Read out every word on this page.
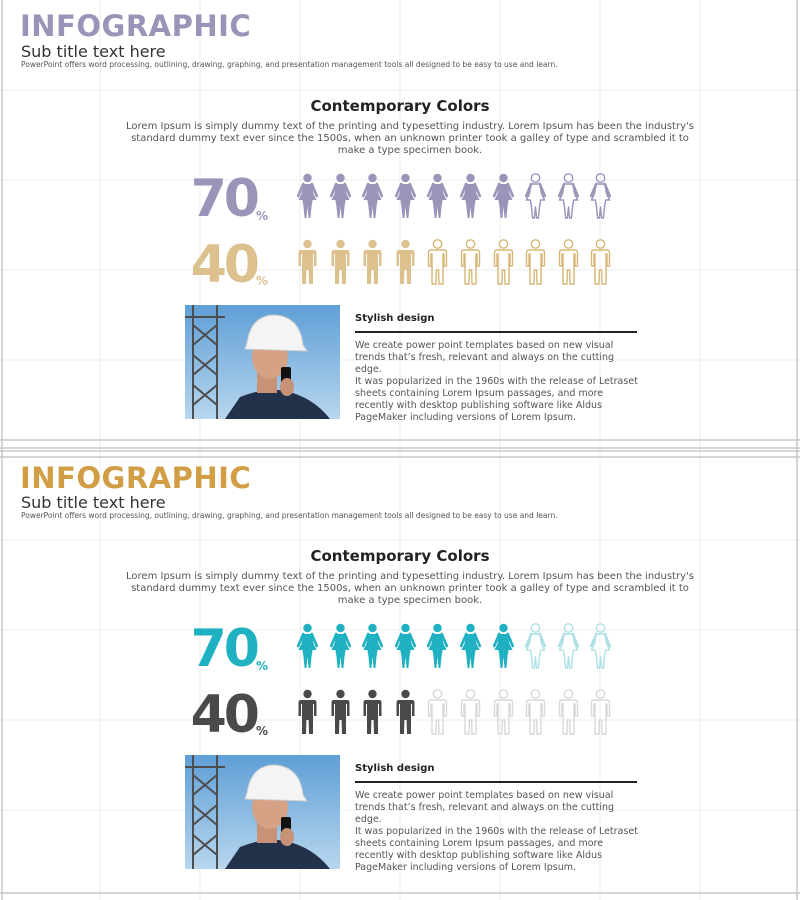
INFOGRAPHIC
Sub title text here
PowerPoint offers word processing, outlining, drawing, graphing, and presentation management tools all designed to be easy to use and learn.
Contemporary Colors
Lorem Ipsum is simply dummy text of the printing and typesetting industry. Lorem Ipsum has been the industry's standard dummy text ever since the 1500s, when an unknown printer took a galley of type and scrambled it to make a type specimen book.
70 %
40 %
Stylish design
We create power point templates based on new visual trends that’s fresh, relevant and always on the cutting edge.
It was popularized in the 1960s with the release of Letraset sheets containing Lorem Ipsum passages, and more recently with desktop publishing software like Aldus PageMaker including versions of Lorem Ipsum.
INFOGRAPHIC
Sub title text here
PowerPoint offers word processing, outlining, drawing, graphing, and presentation management tools all designed to be easy to use and learn.
Contemporary Colors
Lorem Ipsum is simply dummy text of the printing and typesetting industry. Lorem Ipsum has been the industry's standard dummy text ever since the 1500s, when an unknown printer took a galley of type and scrambled it to make a type specimen book.
70 %
40 %
Stylish design
We create power point templates based on new visual trends that’s fresh, relevant and always on the cutting edge.
It was popularized in the 1960s with the release of Letraset sheets containing Lorem Ipsum passages, and more recently with desktop publishing software like Aldus PageMaker including versions of Lorem Ipsum.
